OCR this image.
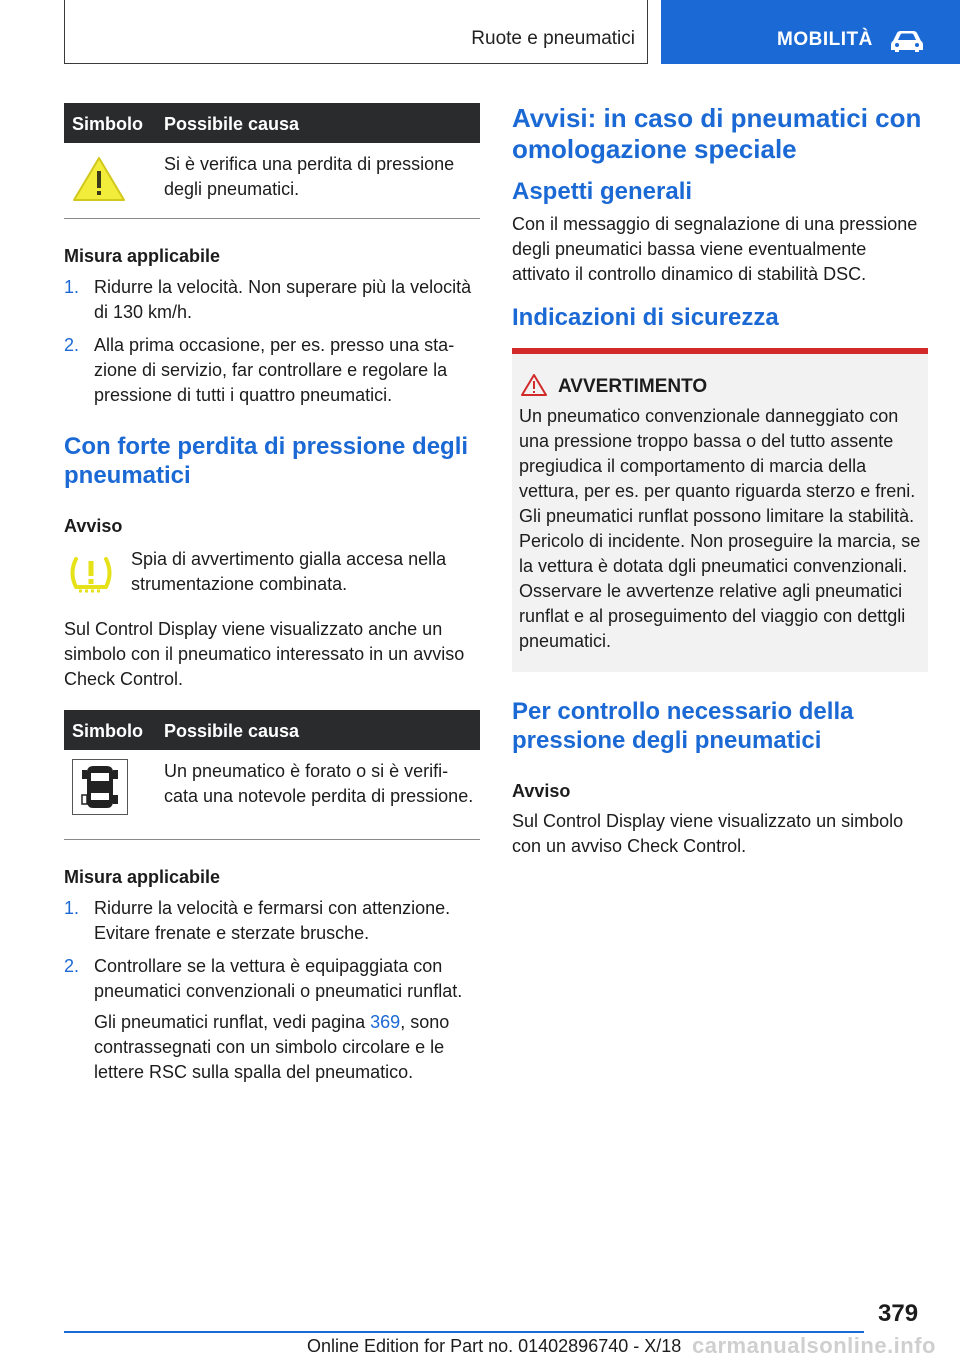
Ruote e pneumatici	MOBILITÀ
Simbolo Possibile causa
Si è verifica una perdita di pressione degli pneumatici.

Misura applicabile

1. Ridurre la velocità. Non superare più la velocità di 130 km/h.
2. Alla prima occasione, per es. presso una stazione di servizio, far controllare e regolare la pressione di tutti i quattro pneumatici.
Con forte perdita di pressione degli pneumatici

Avviso

Spia di avvertimento gialla accesa nella strumentazione combinata.

Sul Control Display viene visualizzato anche un simbolo con il pneumatico interessato in un avviso Check Control.

Simbolo Possibile causa
Un pneumatico è forato o si è verificata una notevole perdita di pressione.

Misura applicabile

1. Ridurre la velocità e fermarsi con attenzione. Evitare frenate e sterzate brusche.
2. Controllare se la vettura è equipaggiata con pneumatici convenzionali o pneumatici runflat.

Gli pneumatici runflat, vedi pagina 369, sono contrassegnati con un simbolo circolare e le lettere RSC sulla spalla del pneumatico.

Avvisi: in caso di pneumatici con omologazione speciale
Aspetti generali

Con il messaggio di segnalazione di una pressione degli pneumatici bassa viene eventualmente attivato il controllo dinamico di stabilità DSC.

Indicazioni di sicurezza
AVVERTIMENTO

Un pneumatico convenzionale danneggiato con una pressione troppo bassa o del tutto assente pregiudica il comportamento di marcia della vettura, per es. per quanto riguarda sterzo e freni. Gli pneumatici runflat possono limitare la stabilità. Pericolo di incidente. Non proseguire la marcia, se la vettura è dotata dgli pneumatici convenzionali. Osservare le avvertenze relative agli pneumatici runflat e al proseguimento del viaggio con dettgli pneumatici.

Per controllo necessario della pressione degli pneumatici

Avviso

Sul Control Display viene visualizzato un simbolo con un avviso Check Control.

379
Online Edition for Part no. 01402896740 - X/18 carmanualsonline.info
